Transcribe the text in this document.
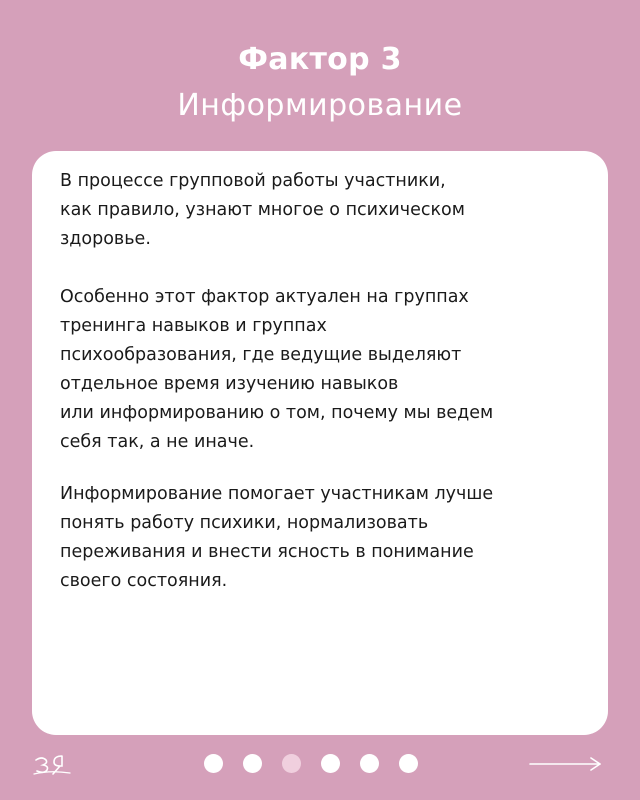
Фактор 3
Информирование

В процессе групповой работы участники,
как правило, узнают многое о психическом
здоровье.

Особенно этот фактор актуален на группах
тренинга навыков и группах
психообразования, где ведущие выделяют
отдельное время изучению навыков
или информированию о том, почему мы ведем
себя так, а не иначе.

Информирование помогает участникам лучше
понять работу психики, нормализовать
переживания и внести ясность в понимание
своего состояния.
